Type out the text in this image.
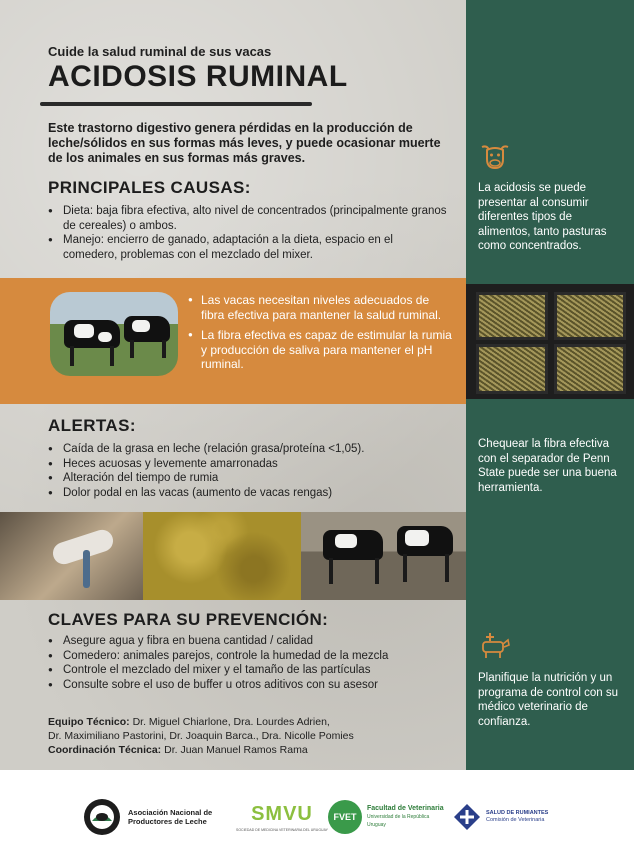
Cuide la salud ruminal de sus vacas
ACIDOSIS RUMINAL
Este trastorno digestivo genera pérdidas en la producción de leche/sólidos en sus formas más leves, y puede ocasionar muerte de los animales en sus formas más graves.
PRINCIPALES CAUSAS:
● Dieta: baja fibra efectiva, alto nivel de concentrados (principalmente granos de cereales) o ambos.
● Manejo: encierro de ganado, adaptación a la dieta, espacio en el comedero, problemas con el mezclado del mixer.
● Las vacas necesitan niveles adecuados de fibra efectiva para mantener la salud ruminal.
● La fibra efectiva es capaz de estimular la rumia y producción de saliva para mantener el pH ruminal.
ALERTAS:
● Caída de la grasa en leche (relación grasa/proteína <1,05).
● Heces acuosas y levemente amarronadas
● Alteración del tiempo de rumia
● Dolor podal en las vacas (aumento de vacas rengas)
CLAVES PARA SU PREVENCIÓN:
● Asegure agua y fibra en buena cantidad / calidad
● Comedero: animales parejos, controle la humedad de la mezcla
● Controle el mezclado del mixer y el tamaño de las partículas
● Consulte sobre el uso de buffer u otros aditivos con su asesor
Equipo Técnico: Dr. Miguel Chiarlone, Dra. Lourdes Adrien,
Dr. Maximiliano Pastorini, Dr. Joaquin Barca., Dra. Nicolle Pomies
Coordinación Técnica: Dr. Juan Manuel Ramos Rama
La acidosis se puede presentar al consumir diferentes tipos de alimentos, tanto pasturas como concentrados.
Chequear la fibra efectiva con el separador de Penn State puede ser una buena herramienta.
Planifique la nutrición y un programa de control con su médico veterinario de confianza.
Asociación Nacional de
Productores de Leche SMVU
SOCIEDAD DE MEDICINA VETERINARIA DEL URUGUAY
FVET
Facultad de Veterinaria
Universidad de la República
Uruguay
SALUD DE RUMIANTES
Comisión de Veterinaria
